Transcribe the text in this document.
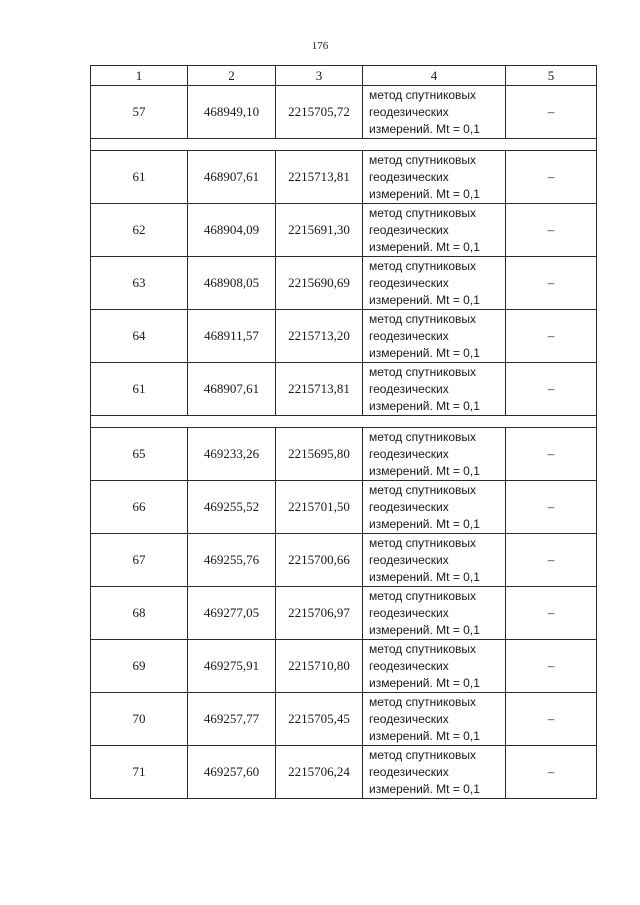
176
1	2	3	4	5
57	468949,10	2215705,72	метод спутниковых
геодезических
измерений. Mt = 0,1	–

61	468907,61	2215713,81	метод спутниковых
геодезических
измерений. Mt = 0,1	–
62	468904,09	2215691,30	метод спутниковых
геодезических
измерений. Mt = 0,1	–
63	468908,05	2215690,69	метод спутниковых
геодезических
измерений. Mt = 0,1	–
64	468911,57	2215713,20	метод спутниковых
геодезических
измерений. Mt = 0,1	–
61	468907,61	2215713,81	метод спутниковых
геодезических
измерений. Mt = 0,1	–

65	469233,26	2215695,80	метод спутниковых
геодезических
измерений. Mt = 0,1	–
66	469255,52	2215701,50	метод спутниковых
геодезических
измерений. Mt = 0,1	–
67	469255,76	2215700,66	метод спутниковых
геодезических
измерений. Mt = 0,1	–
68	469277,05	2215706,97	метод спутниковых
геодезических
измерений. Mt = 0,1	–
69	469275,91	2215710,80	метод спутниковых
геодезических
измерений. Mt = 0,1	–
70	469257,77	2215705,45	метод спутниковых
геодезических
измерений. Mt = 0,1	–
71	469257,60	2215706,24	метод спутниковых
геодезических
измерений. Mt = 0,1	–
